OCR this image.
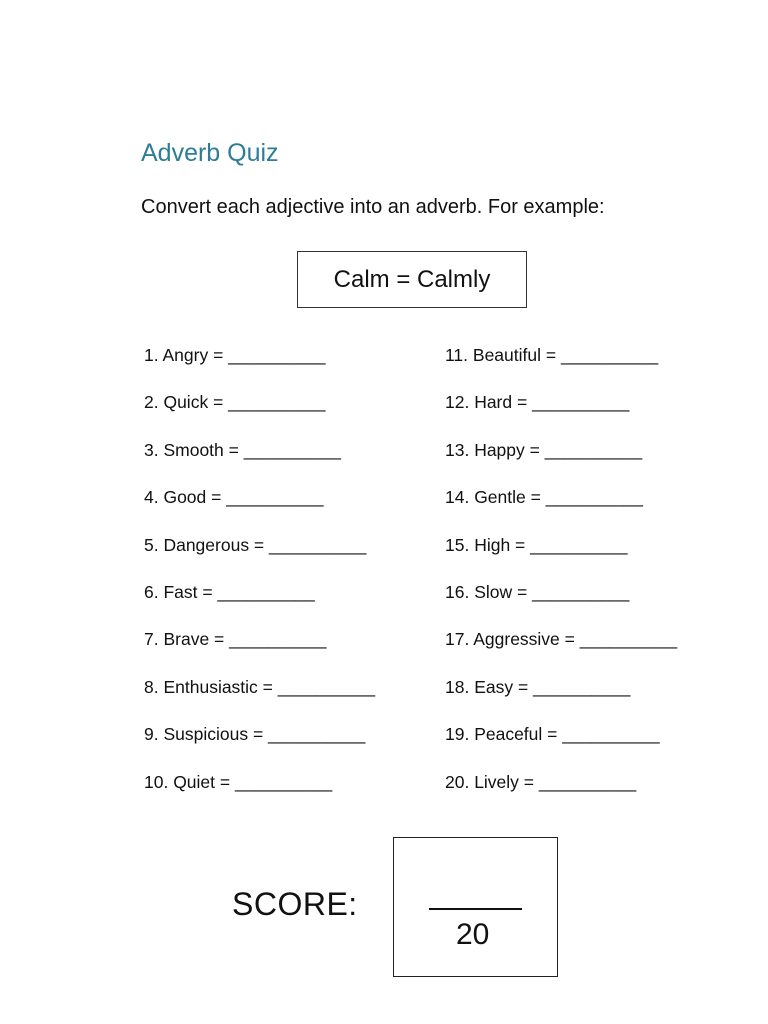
Adverb Quiz

Convert each adjective into an adverb. For example:

Calm = Calmly
1. Angry = __________
2. Quick = __________
3. Smooth = __________
4. Good = __________
5. Dangerous = __________
6. Fast = __________
7. Brave = __________
8. Enthusiastic = __________
9. Suspicious = __________
10. Quiet = __________
11. Beautiful = __________
12. Hard = __________
13. Happy = __________
14. Gentle = __________
15. High = __________
16. Slow = __________
17. Aggressive = __________
18. Easy = __________
19. Peaceful = __________
20. Lively = __________
SCORE:
20
